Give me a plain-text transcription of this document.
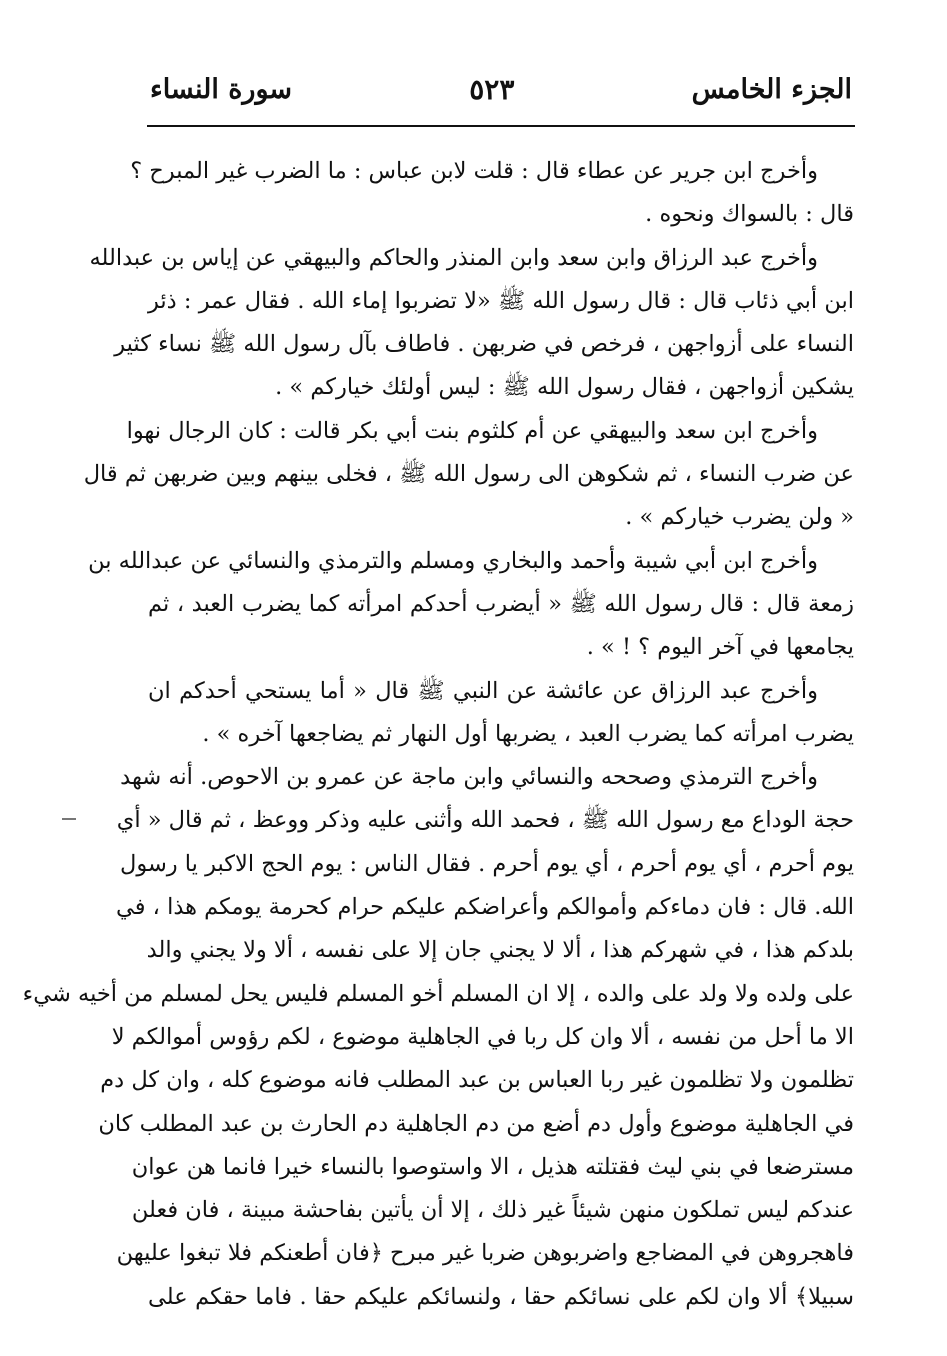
الجزء الخامس
٥٢٣
سورة النساء
وأخرج ابن جرير عن عطاء قال : قلت لابن عباس : ما الضرب غير المبرح ؟
قال : بالسواك ونحوه .
وأخرج عبد الرزاق وابن سعد وابن المنذر والحاكم والبيهقي عن إياس بن عبدالله
ابن أبي ذئاب قال : قال رسول الله ﷺ «لا تضربوا إماء الله . فقال عمر : ذئر
النساء على أزواجهن ، فرخص في ضربهن . فاطاف بآل رسول الله ﷺ نساء كثير
يشكين أزواجهن ، فقال رسول الله ﷺ : ليس أولئك خياركم » .
وأخرج ابن سعد والبيهقي عن أم كلثوم بنت أبي بكر قالت : كان الرجال نهوا
عن ضرب النساء ، ثم شكوهن الى رسول الله ﷺ ، فخلى بينهم وبين ضربهن ثم قال
« ولن يضرب خياركم » .
وأخرج ابن أبي شيبة وأحمد والبخاري ومسلم والترمذي والنسائي عن عبدالله بن
زمعة قال : قال رسول الله ﷺ « أيضرب أحدكم امرأته كما يضرب العبد ، ثم
يجامعها في آخر اليوم ؟ ! » .
وأخرج عبد الرزاق عن عائشة عن النبي ﷺ قال « أما يستحي أحدكم ان
يضرب امرأته كما يضرب العبد ، يضربها أول النهار ثم يضاجعها آخره » .
وأخرج الترمذي وصححه والنسائي وابن ماجة عن عمرو بن الاحوص. أنه شهد
حجة الوداع مع رسول الله ﷺ ، فحمد الله وأثنى عليه وذكر ووعظ ، ثم قال « أي
يوم أحرم ، أي يوم أحرم ، أي يوم أحرم . فقال الناس : يوم الحج الاكبر يا رسول
الله. قال : فان دماءكم وأموالكم وأعراضكم عليكم حرام كحرمة يومكم هذا ، في
بلدكم هذا ، في شهركم هذا ، ألا لا يجني جان إلا على نفسه ، ألا ولا يجني والد
على ولده ولا ولد على والده ، إلا ان المسلم أخو المسلم فليس يحل لمسلم من أخيه شيء
الا ما أحل من نفسه ، ألا وان كل ربا في الجاهلية موضوع ، لكم رؤوس أموالكم لا
تظلمون ولا تظلمون غير ربا العباس بن عبد المطلب فانه موضوع كله ، وان كل دم
في الجاهلية موضوع وأول دم أضع من دم الجاهلية دم الحارث بن عبد المطلب كان
مسترضعا في بني ليث فقتلته هذيل ، الا واستوصوا بالنساء خيرا فانما هن عوان
عندكم ليس تملكون منهن شيئاً غير ذلك ، إلا أن يأتين بفاحشة مبينة ، فان فعلن
فاهجروهن في المضاجع واضربوهن ضربا غير مبرح ﴿فان أطعنكم فلا تبغوا عليهن
سبيلا﴾ ألا وان لكم على نسائكم حقا ، ولنسائكم عليكم حقا . فاما حقكم على
